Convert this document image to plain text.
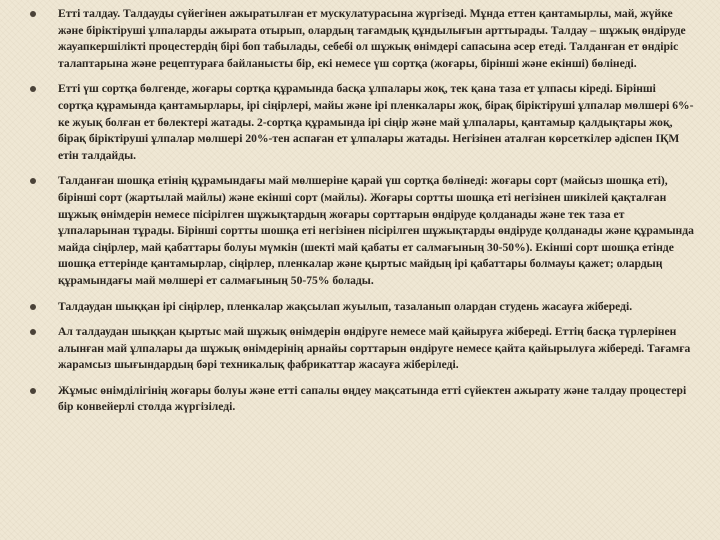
Етті талдау. Талдауды сүйегінен ажыратылған ет мускулатурасына жүргізеді. Мұнда еттен қантамырлы, май, жүйке және біріктіруші ұлпаларды ажырата отырып, олардың тағамдық құндылығын арттырады. Талдау – шұжық өндіруде жауапкершілікті процестердің бірі боп табылады, себебі ол шұжық өнімдері сапасына әсер етеді. Талданған ет өндіріс талаптарына және рецептураға байланысты бір, екі немесе үш сортқа (жоғары, бірінші және екінші) бөлінеді.
Етті үш сортқа бөлгенде, жоғары сортқа құрамында басқа ұлпалары жоқ, тек қана таза ет ұлпасы кіреді. Бірінші сортқа құрамында қантамырлары, ірі сіңірлері, майы және ірі пленкалары жоқ, бірақ біріктіруші ұлпалар мөлшері 6%-ке жуық болған ет бөлектері жатады. 2-сортқа құрамында ірі сіңір және май ұлпалары, қантамыр қалдықтары жоқ, бірақ біріктіруші ұлпалар мөлшері 20%-тен аспаған ет ұлпалары жатады. Негізінен аталған көрсеткілер әдіспен ІҚМ етін талдайды.
Талданған шошқа етінің құрамындағы май мөлшеріне қарай үш сортқа бөлінеді: жоғары сорт (майсыз шошқа еті), бірінші сорт (жартылай майлы) және екінші сорт (майлы). Жоғары сортты шошқа еті негізінен шикілей қақталған шұжық өнімдерін немесе пісірілген шұжықтардың жоғары сорттарын өндіруде қолданады және тек таза ет ұлпаларынан тұрады. Бірінші сортты шошқа еті негізінен пісірілген шұжықтарды өндіруде қолданады және құрамында майда сіңірлер, май қабаттары болуы мүмкін (шекті май қабаты ет салмағының 30-50%). Екінші сорт шошқа етінде шошқа еттерінде қантамырлар, сіңірлер, пленкалар және қыртыс майдың ірі қабаттары болмауы қажет; олардың құрамындағы май мөлшері ет салмағының 50-75% болады.
Талдаудан шыққан ірі сіңірлер, пленкалар жақсылап жуылып, тазаланып олардан студень жасауға жібереді.
Ал талдаудан шыққан қыртыс май шұжық өнімдерін өндіруге немесе май қайыруға жібереді. Еттің басқа түрлерінен алынған май ұлпалары да шұжық өнімдерінің арнайы сорттарын өндіруге немесе қайта қайырылуға жібереді. Тағамға жарамсыз шығындардың бәрі техникалық фабрикаттар жасауға жіберіледі.
Жұмыс өнімділігінің жоғары болуы және етті сапалы өңдеу мақсатында етті сүйектен ажырату және талдау процестері бір конвейерлі столда жүргізіледі.
